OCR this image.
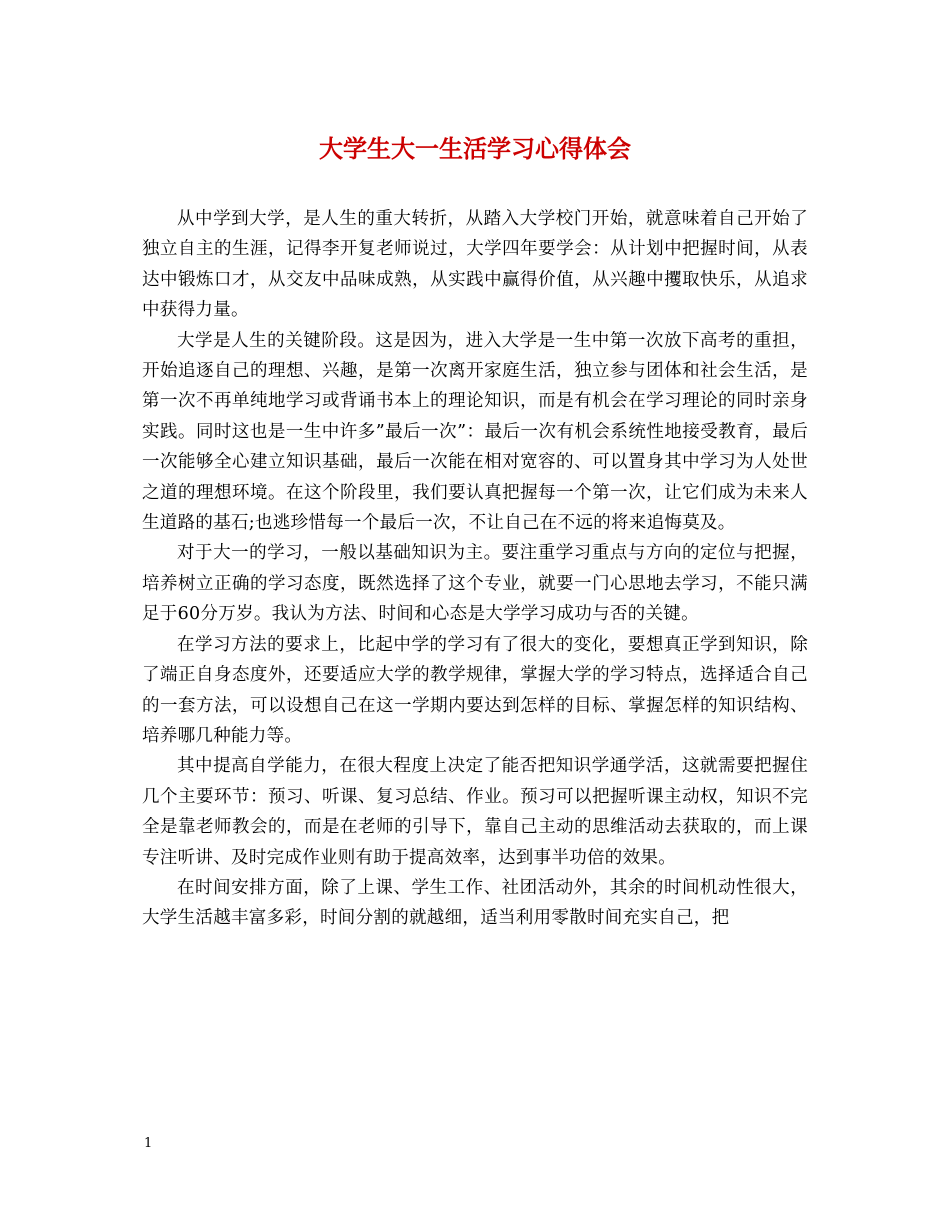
大学生大一生活学习心得体会

从中学到大学，是人生的重大转折，从踏入大学校门开始，就意味着自己开始了独立自主的生涯，记得李开复老师说过，大学四年要学会：从计划中把握时间，从表达中锻炼口才，从交友中品味成熟，从实践中赢得价值，从兴趣中攫取快乐，从追求中获得力量。

大学是人生的关键阶段。这是因为，进入大学是一生中第一次放下高考的重担，开始追逐自己的理想、兴趣，是第一次离开家庭生活，独立参与团体和社会生活，是第一次不再单纯地学习或背诵书本上的理论知识，而是有机会在学习理论的同时亲身实践。同时这也是一生中许多”最后一次”：最后一次有机会系统性地接受教育，最后一次能够全心建立知识基础，最后一次能在相对宽容的、可以置身其中学习为人处世之道的理想环境。在这个阶段里，我们要认真把握每一个第一次，让它们成为未来人生道路的基石;也逃珍惜每一个最后一次，不让自己在不远的将来追悔莫及。

对于大一的学习，一般以基础知识为主。要注重学习重点与方向的定位与把握，培养树立正确的学习态度，既然选择了这个专业，就要一门心思地去学习，不能只满足于60分万岁。我认为方法、时间和心态是大学学习成功与否的关键。

在学习方法的要求上，比起中学的学习有了很大的变化，要想真正学到知识，除了端正自身态度外，还要适应大学的教学规律，掌握大学的学习特点，选择适合自己的一套方法，可以设想自己在这一学期内要达到怎样的目标、掌握怎样的知识结构、培养哪几种能力等。

其中提高自学能力，在很大程度上决定了能否把知识学通学活，这就需要把握住几个主要环节：预习、听课、复习总结、作业。预习可以把握听课主动权，知识不完全是靠老师教会的，而是在老师的引导下，靠自己主动的思维活动去获取的，而上课专注听讲、及时完成作业则有助于提高效率，达到事半功倍的效果。

在时间安排方面，除了上课、学生工作、社团活动外，其余的时间机动性很大，大学生活越丰富多彩，时间分割的就越细，适当利用零散时间充实自己，把

1
